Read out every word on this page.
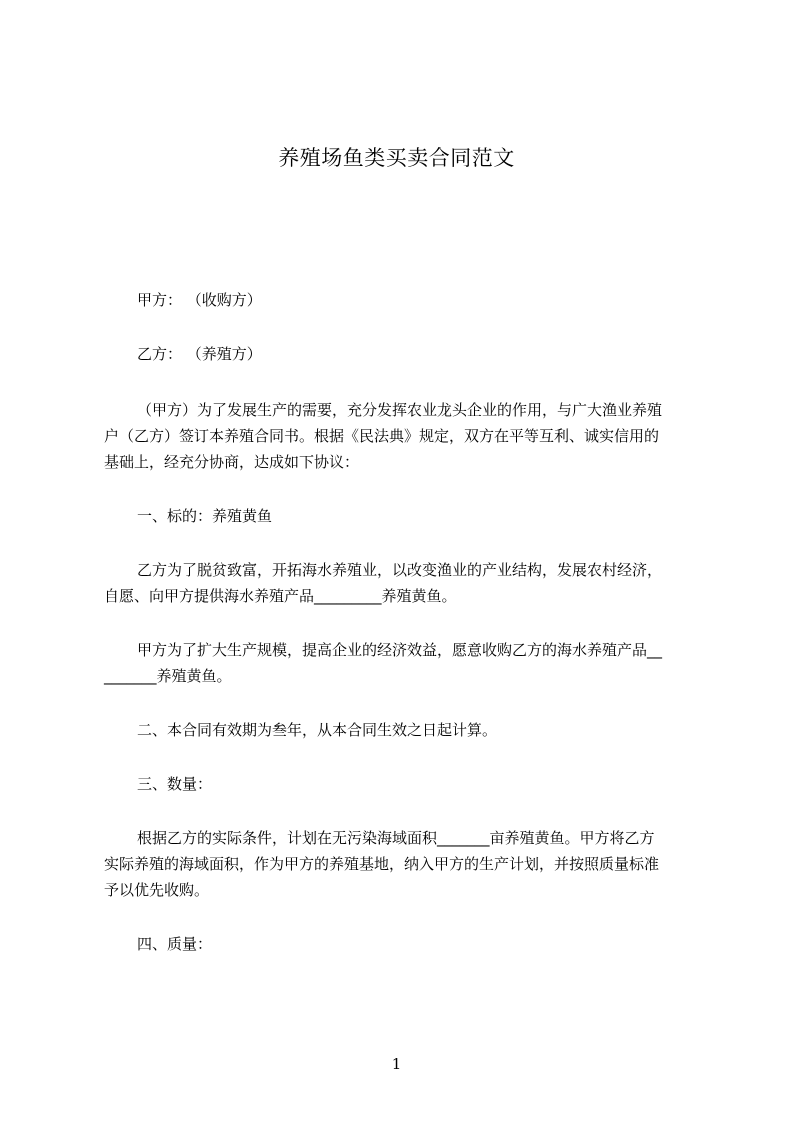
养殖场鱼类买卖合同范文
甲方： （收购方）
乙方： （养殖方）
（甲方）为了发展生产的需要，充分发挥农业龙头企业的作用，与广大渔业养殖
户（乙方）签订本养殖合同书。根据《民法典》规定，双方在平等互利、诚实信用的
基础上，经充分协商，达成如下协议：
一、标的：养殖黄鱼
乙方为了脱贫致富，开拓海水养殖业，以改变渔业的产业结构，发展农村经济，
自愿、向甲方提供海水养殖产品_________养殖黄鱼。
甲方为了扩大生产规模，提高企业的经济效益，愿意收购乙方的海水养殖产品__
_______养殖黄鱼。
二、本合同有效期为叁年，从本合同生效之日起计算。
三、数量：
根据乙方的实际条件，计划在无污染海域面积_______亩养殖黄鱼。甲方将乙方
实际养殖的海域面积，作为甲方的养殖基地，纳入甲方的生产计划，并按照质量标准
予以优先收购。
四、质量：
1
